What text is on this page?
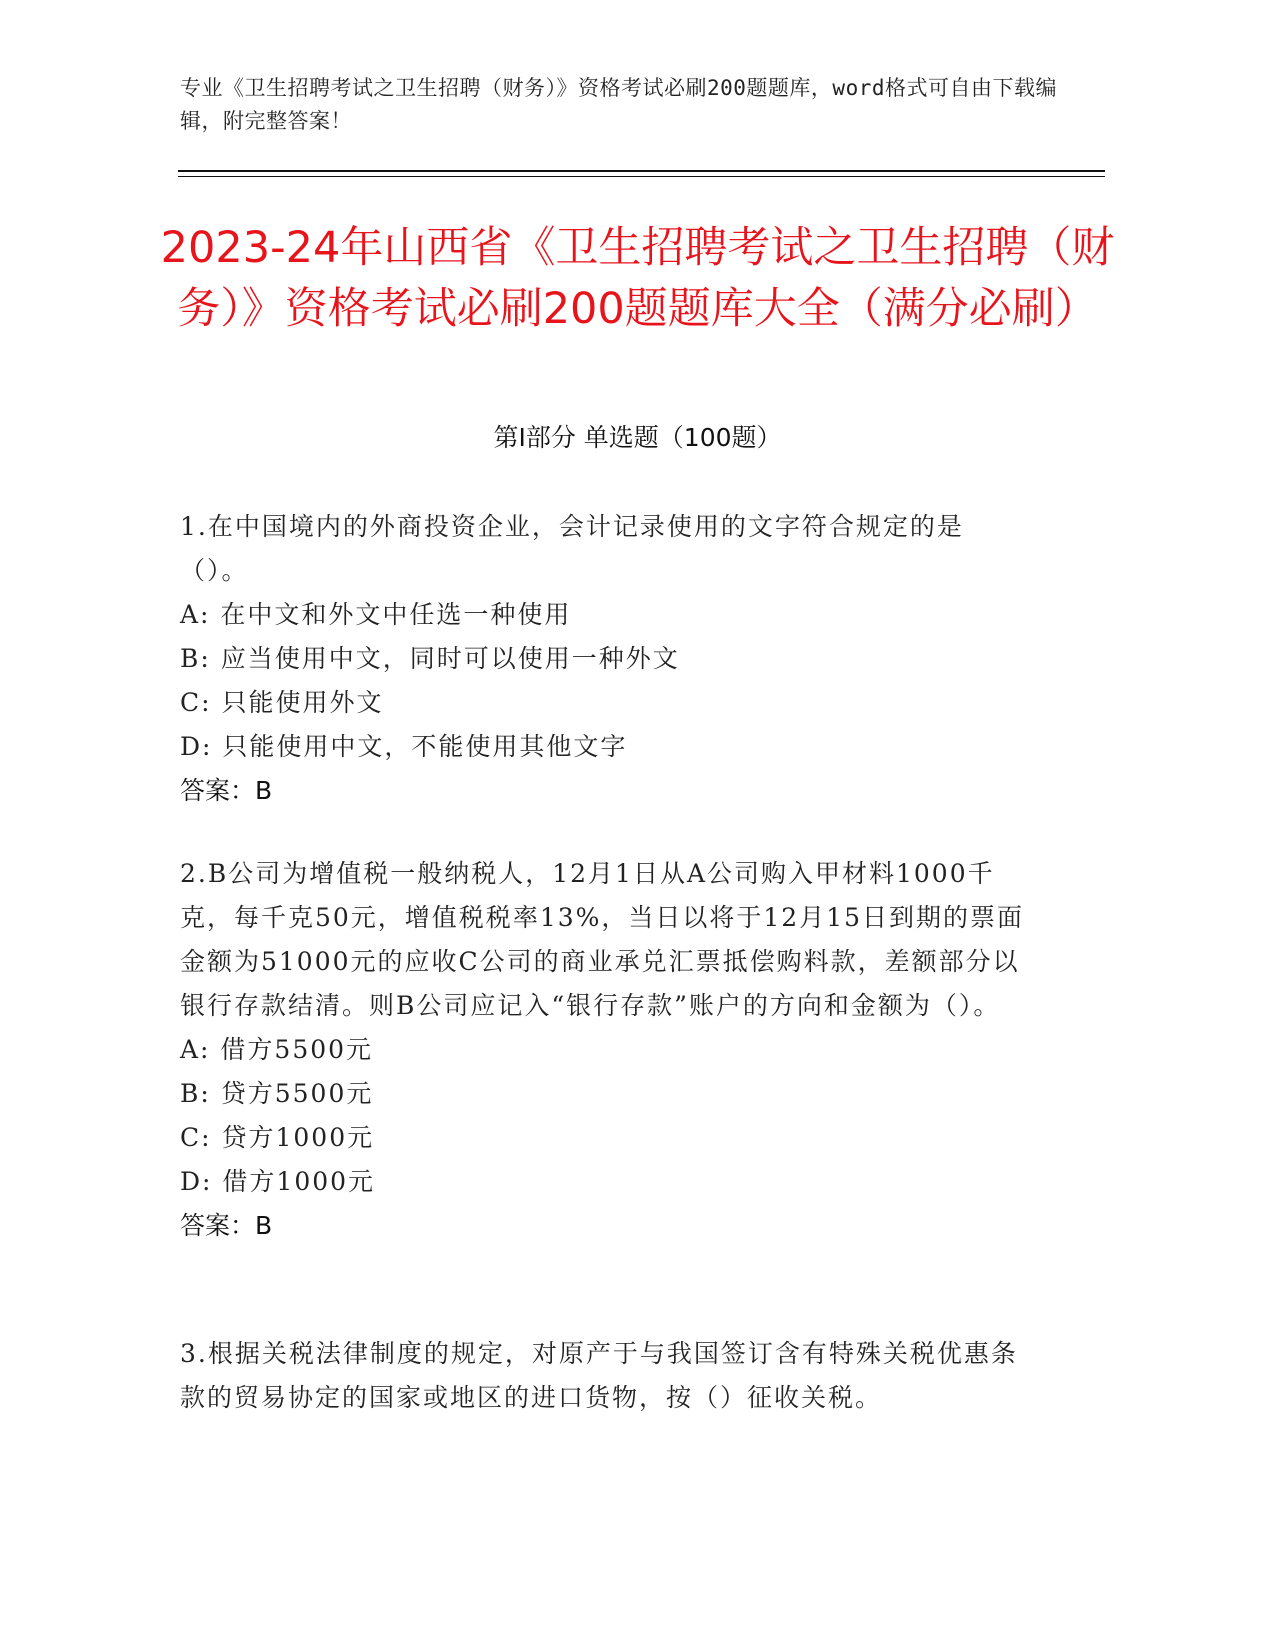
专业《卫生招聘考试之卫生招聘（财务）》资格考试必刷200题题库，word格式可自由下载编辑，附完整答案！
2023-24年山西省《卫生招聘考试之卫生招聘（财务）》资格考试必刷200题题库大全（满分必刷）
第I部分 单选题（100题）
1.在中国境内的外商投资企业，会计记录使用的文字符合规定的是（）。
A: 在中文和外文中任选一种使用
B: 应当使用中文，同时可以使用一种外文
C: 只能使用外文
D: 只能使用中文，不能使用其他文字
答案：B
2.B公司为增值税一般纳税人，12月1日从A公司购入甲材料1000千克，每千克50元，增值税税率13%，当日以将于12月15日到期的票面金额为51000元的应收C公司的商业承兑汇票抵偿购料款，差额部分以银行存款结清。则B公司应记入“银行存款”账户的方向和金额为（）。
A: 借方5500元
B: 贷方5500元
C: 贷方1000元
D: 借方1000元
答案：B
3.根据关税法律制度的规定，对原产于与我国签订含有特殊关税优惠条款的贸易协定的国家或地区的进口货物，按（）征收关税。
